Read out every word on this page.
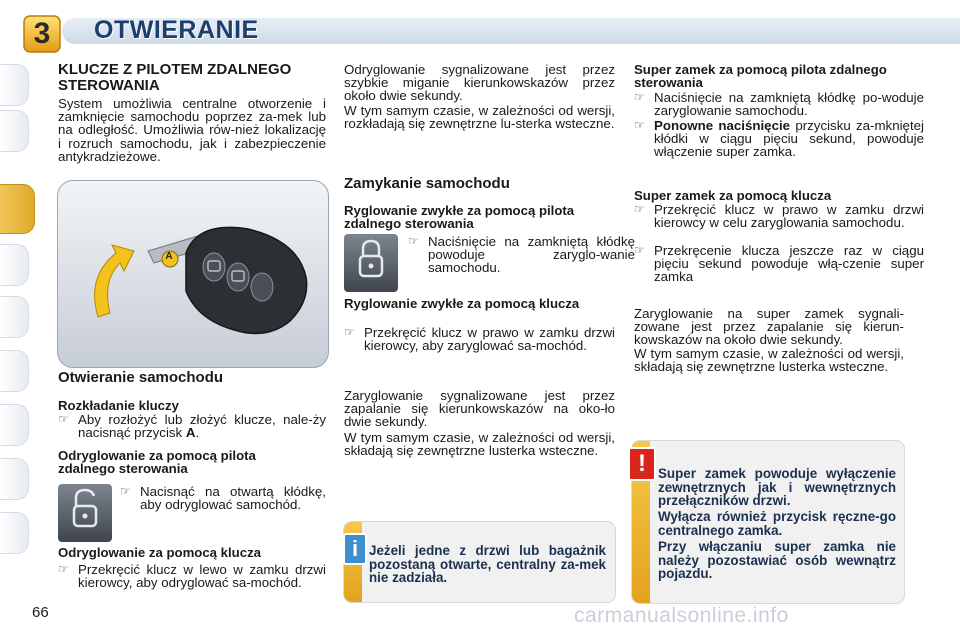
3	OTWIERANIE
KLUCZE Z PILOTEM ZDALNEGO STEROWANIA

System umożliwia centralne otworzenie i zamknięcie samochodu poprzez za-mek lub na odległość. Umożliwia rów-nież lokalizację i rozruch samochodu, jak i zabezpieczenie antykradzieżowe.

A
Otwieranie samochodu
Rozkładanie kluczy
☞ Aby rozłożyć lub złożyć klucze, nale-ży nacisnąć przycisk A.
Odryglowanie za pomocą pilota zdalnego sterowania
☞ Nacisnąć na otwartą kłódkę, aby odryglować samochód.
Odryglowanie za pomocą klucza
☞ Przekręcić klucz w lewo w zamku drzwi kierowcy, aby odryglować sa-mochód.

Odryglowanie sygnalizowane jest przez szybkie miganie kierunkowskazów przez około dwie sekundy.

W tym samym czasie, w zależności od wersji, rozkładają się zewnętrzne lu-sterka wsteczne.

Zamykanie samochodu
Ryglowanie zwykłe za pomocą pilota zdalnego sterowania
☞ Naciśnięcie na zamkniętą kłódkę powoduje zaryglo-wanie samochodu.
Ryglowanie zwykłe za pomocą klucza
☞ Przekręcić klucz w prawo w zamku drzwi kierowcy, aby zaryglować sa-mochód.

Zaryglowanie sygnalizowane jest przez zapalanie się kierunkowskazów na oko-ło dwie sekundy.

W tym samym czasie, w zależności od wersji, składają się zewnętrzne lusterka wsteczne.

i Jeżeli jedne z drzwi lub bagażnik pozostaną otwarte, centralny za-mek nie zadziała.
Super zamek za pomocą pilota zdalnego sterowania
☞ Naciśnięcie na zamkniętą kłódkę po-woduje zaryglowanie samochodu.
☞ Ponowne naciśnięcie przycisku za-mkniętej kłódki w ciągu pięciu sekund, powoduje włączenie super zamka.
Super zamek za pomocą klucza
☞ Przekręcić klucz w prawo w zamku drzwi kierowcy w celu zaryglowania samochodu.
☞ Przekręcenie klucza jeszcze raz w ciągu pięciu sekund powoduje włą-czenie super zamka

Zaryglowanie na super zamek sygnali-zowane jest przez zapalanie się kierun-kowskazów na około dwie sekundy.

W tym samym czasie, w zależności od wersji, składają się zewnętrzne lusterka wsteczne.

! Super zamek powoduje wyłączenie zewnętrznych jak i wewnętrznych przełączników drzwi.
Wyłącza również przycisk ręczne-go centralnego zamka.
Przy włączaniu super zamka nie należy pozostawiać osób wewnątrz pojazdu.
66	carmanualsonline.info
